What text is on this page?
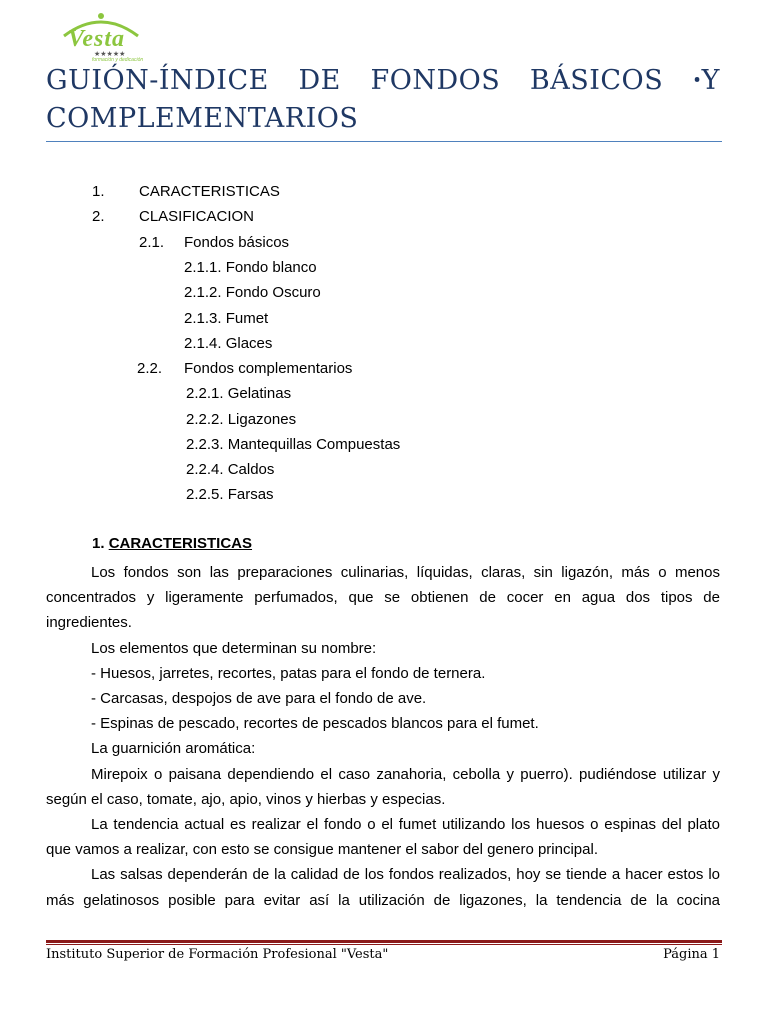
Vesta
★★★★★
formación y dedicación
GUIÓN-ÍNDICE DE FONDOS BÁSICOS ꞏY COMPLEMENTARIOS
1. CARACTERISTICAS
2. CLASIFICACION
2.1. Fondos básicos
2.1.1. Fondo blanco
2.1.2. Fondo Oscuro
2.1.3. Fumet
2.1.4. Glaces
2.2. Fondos complementarios
2.2.1. Gelatinas
2.2.2. Ligazones
2.2.3. Mantequillas Compuestas
2.2.4. Caldos
2.2.5. Farsas
1. CARACTERISTICAS

Los fondos son las preparaciones culinarias, líquidas, claras, sin ligazón, más o menos concentrados y ligeramente perfumados, que se obtienen de cocer en agua dos tipos de ingredientes.

Los elementos que determinan su nombre:

- Huesos, jarretes, recortes, patas para el fondo de ternera.

- Carcasas, despojos de ave para el fondo de ave.

- Espinas de pescado, recortes de pescados blancos para el fumet.

La guarnición aromática:

Mirepoix o paisana dependiendo el caso zanahoria, cebolla y puerro). pudiéndose utilizar y según el caso, tomate, ajo, apio, vinos y hierbas y especias.

La tendencia actual es realizar el fondo o el fumet utilizando los huesos o espinas del plato que vamos a realizar, con esto se consigue mantener el sabor del genero principal.

Las salsas dependerán de la calidad de los fondos realizados, hoy se tiende a hacer estos lo más gelatinosos posible para evitar así la utilización de ligazones, la tendencia de la cocina

Instituto Superior de Formación Profesional "Vesta"	Página 1
